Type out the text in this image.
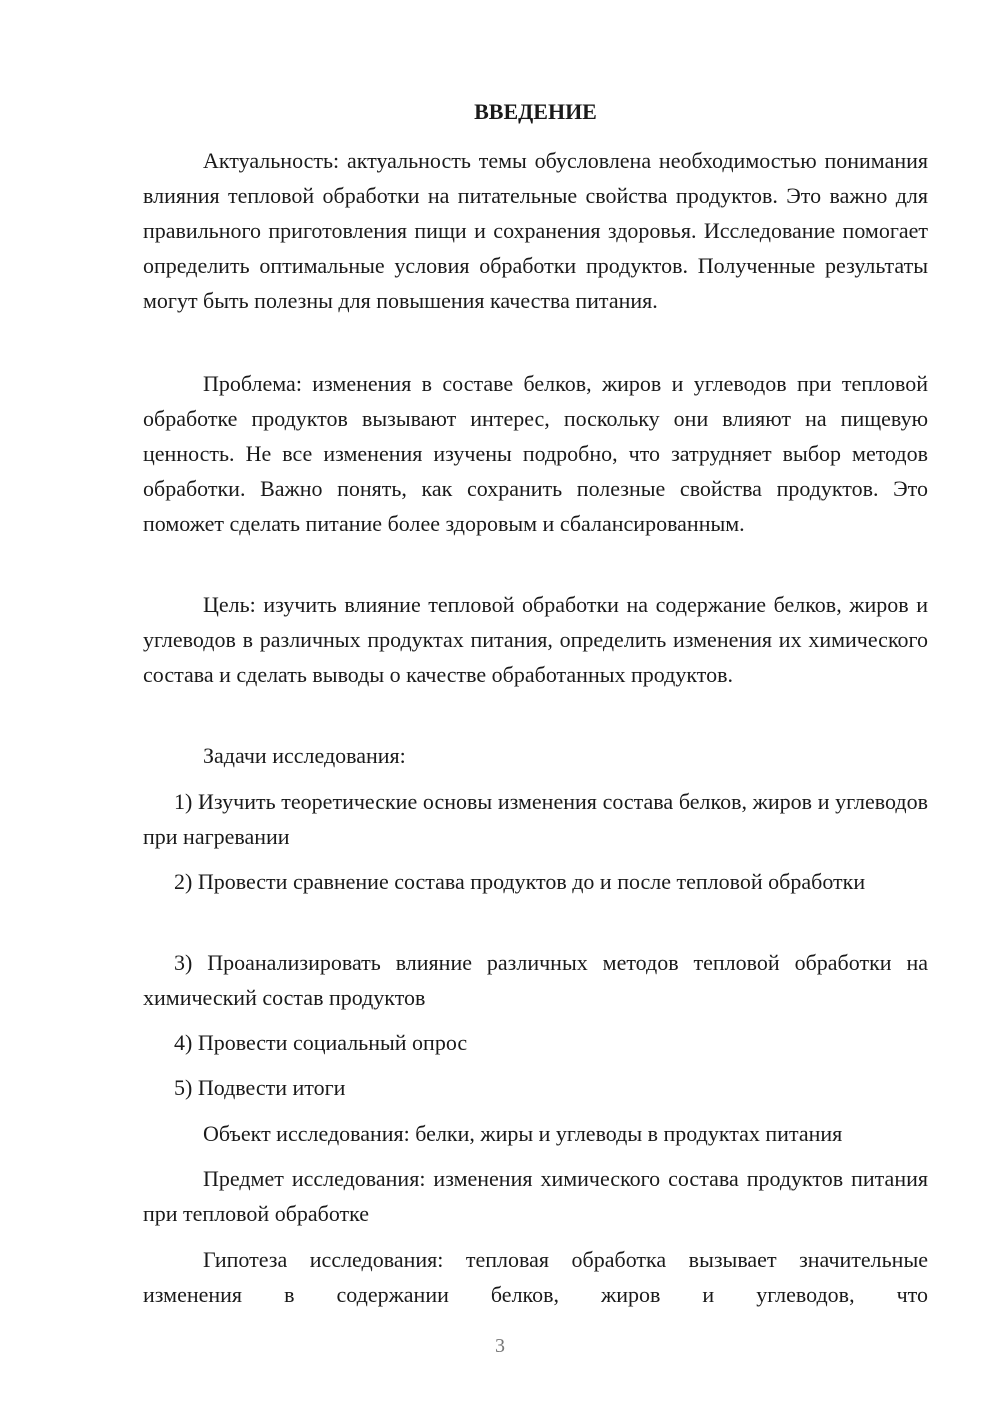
ВВЕДЕНИЕ

Актуальность: актуальность темы обусловлена необходимостью понимания влияния тепловой обработки на питательные свойства продуктов. Это важно для правильного приготовления пищи и сохранения здоровья. Исследование помогает определить оптимальные условия обработки продуктов. Полученные результаты могут быть полезны для повышения качества питания.

Проблема: изменения в составе белков, жиров и углеводов при тепловой обработке продуктов вызывают интерес, поскольку они влияют на пищевую ценность. Не все изменения изучены подробно, что затрудняет выбор методов обработки. Важно понять, как сохранить полезные свойства продуктов. Это поможет сделать питание более здоровым и сбалансированным.

Цель: изучить влияние тепловой обработки на содержание белков, жиров и углеводов в различных продуктах питания, определить изменения их химического состава и сделать выводы о качестве обработанных продуктов.

Задачи исследования:

1) Изучить теоретические основы изменения состава белков, жиров и углеводов при нагревании

2) Провести сравнение состава продуктов до и после тепловой обработки

3) Проанализировать влияние различных методов тепловой обработки на химический состав продуктов

4) Провести социальный опрос

5) Подвести итоги

Объект исследования: белки, жиры и углеводы в продуктах питания

Предмет исследования: изменения химического состава продуктов питания при тепловой обработке

Гипотеза исследования: тепловая обработка вызывает значительные изменения в содержании белков, жиров и углеводов, что

3
